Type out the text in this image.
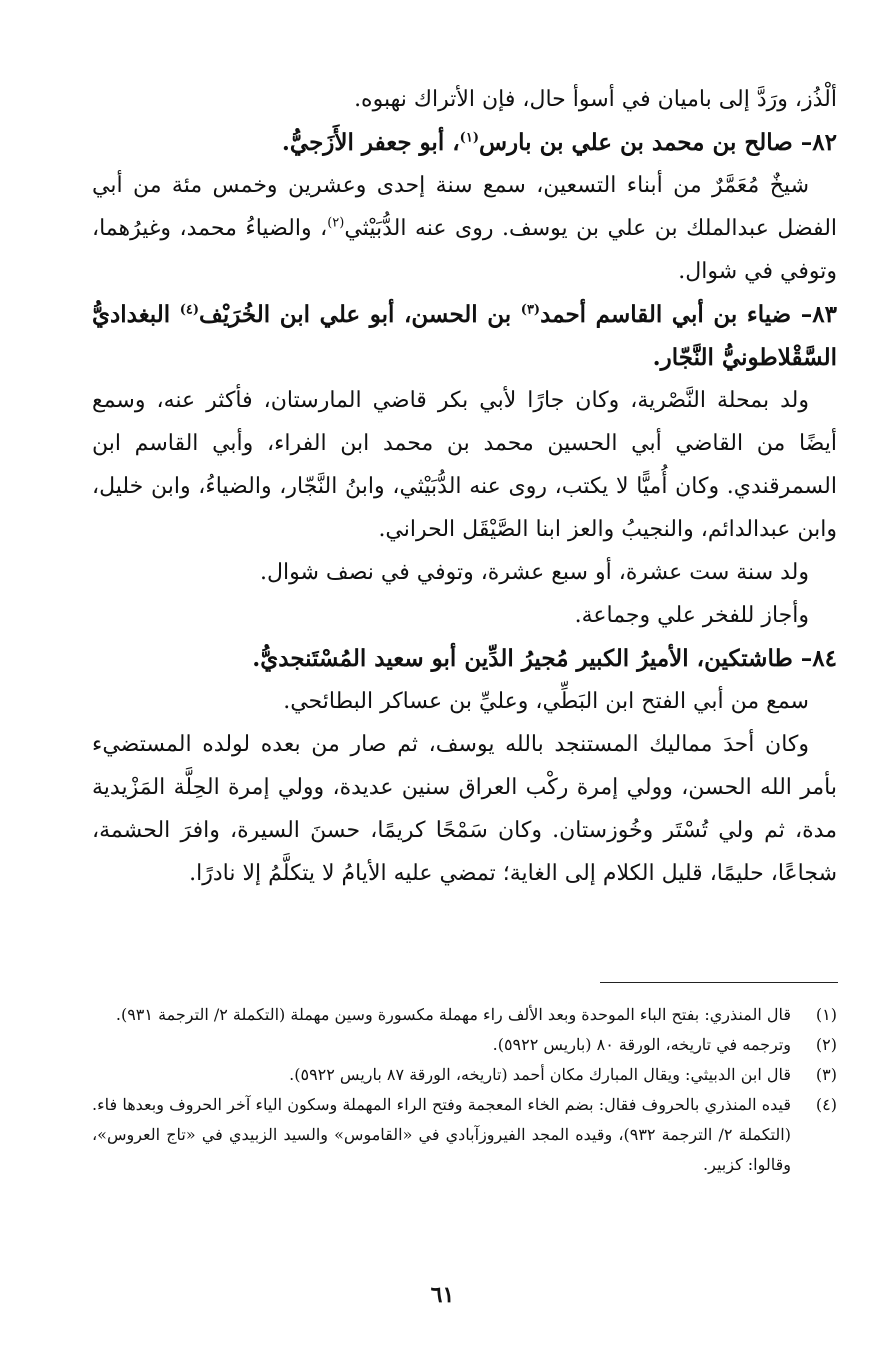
ألْذُز، ورَدَّ إلى باميان في أسوأ حال، فإن الأتراك نهبوه.

٨٢– صالح بن محمد بن علي بن بارس$^{(١)}$، أبو جعفر الأَزَجيُّ.

شيخٌ مُعَمَّرٌ من أبناء التسعين، سمع سنة إحدى وعشرين وخمس مئة من أبي الفضل عبدالملك بن علي بن يوسف. روى عنه الدُّبَيْثي$^{(٢)}$، والضياءُ محمد، وغيرُهما، وتوفي في شوال.

٨٣– ضياء بن أبي القاسم أحمد$^{(٣)}$ بن الحسن، أبو علي ابن الخُرَيْف$^{(٤)}$ البغداديُّ السَّقْلاطونيُّ النَّجّار.

ولد بمحلة النَّصْرية، وكان جارًا لأبي بكر قاضي المارستان، فأكثر عنه، وسمع أيضًا من القاضي أبي الحسين محمد بن محمد ابن الفراء، وأبي القاسم ابن السمرقندي. وكان أُميًّا لا يكتب، روى عنه الدُّبَيْثي، وابنُ النَّجّار، والضياءُ، وابن خليل، وابن عبدالدائم، والنجيبُ والعز ابنا الصَّيْقَل الحراني.

ولد سنة ست عشرة، أو سبع عشرة، وتوفي في نصف شوال.

وأجاز للفخر علي وجماعة.

٨٤– طاشتكين، الأميرُ الكبير مُجيرُ الدِّين أبو سعيد المُسْتَنجديُّ.

سمع من أبي الفتح ابن البَطِّي، وعليِّ بن عساكر البطائحي.

وكان أحدَ مماليك المستنجد بالله يوسف، ثم صار من بعده لولده المستضيء بأمر الله الحسن، وولي إمرة ركْب العراق سنين عديدة، وولي إمرة الحِلَّة المَزْيدية مدة، ثم ولي تُسْتَر وخُوزستان. وكان سَمْحًا كريمًا، حسنَ السيرة، وافرَ الحشمة، شجاعًا، حليمًا، قليل الكلام إلى الغاية؛ تمضي عليه الأيامُ لا يتكلَّمُ إلا نادرًا.

(١)
قال المنذري: بفتح الباء الموحدة وبعد الألف راء مهملة مكسورة وسين مهملة (التكملة ٢/ الترجمة ٩٣١).
(٢)
وترجمه في تاريخه، الورقة ٨٠ (باريس ٥٩٢٢).
(٣)
قال ابن الدبيثي: ويقال المبارك مكان أحمد (تاريخه، الورقة ٨٧ باريس ٥٩٢٢).
(٤)
قيده المنذري بالحروف فقال: بضم الخاء المعجمة وفتح الراء المهملة وسكون الياء آخر الحروف وبعدها فاء. (التكملة ٢/ الترجمة ٩٣٢)، وقيده المجد الفيروزآبادي في «القاموس» والسيد الزبيدي في «تاج العروس»، وقالوا: كزبير.
٦١
